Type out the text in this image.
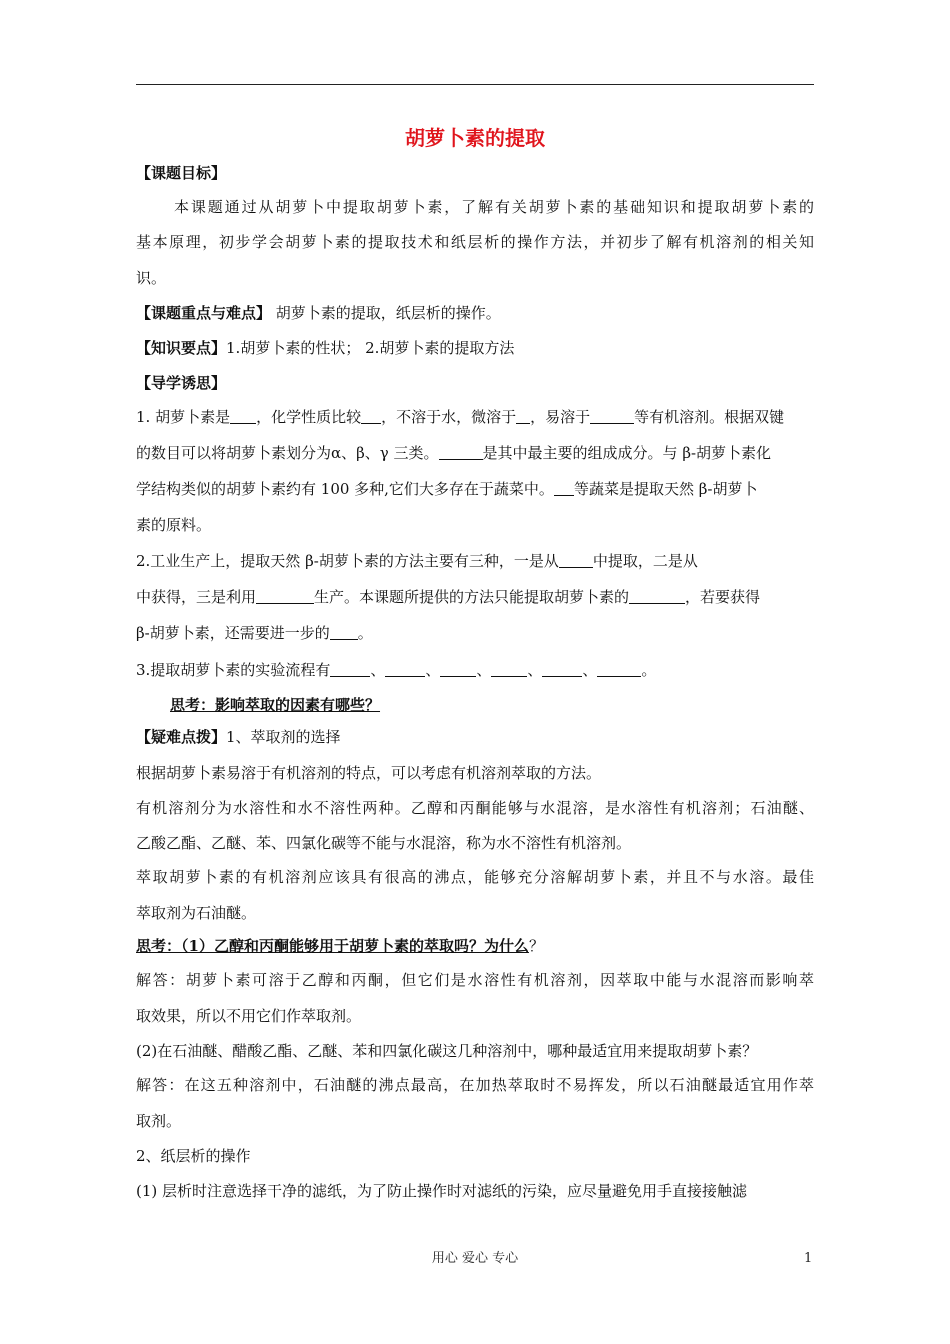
胡萝卜素的提取
【课题目标】
本课题通过从胡萝卜中提取胡萝卜素，了解有关胡萝卜素的基础知识和提取胡萝卜素的
基本原理，初步学会胡萝卜素的提取技术和纸层析的操作方法，并初步了解有机溶剂的相关知
识。
【课题重点与难点】 胡萝卜素的提取，纸层析的操作。
【知识要点】1.胡萝卜素的性状； 2.胡萝卜素的提取方法
【导学诱思】
1. 胡萝卜素是 ，化学性质比较 ，不溶于水，微溶于 ，易溶于	等有机溶剂。根据双键
的数目可以将胡萝卜素划分为α、β、γ 三类。	是其中最主要的组成成分。与 β-胡萝卜素化
学结构类似的胡萝卜素约有 100 多种,它们大多存在于蔬菜中。 等蔬菜是提取天然 β-胡萝卜
素的原料。
2.工业生产上，提取天然 β-胡萝卜素的方法主要有三种，一是从 中提取，二是从
中获得，三是利用	生产。本课题所提供的方法只能提取胡萝卜素的	，若要获得
β-胡萝卜素，还需要进一步的 。
3.提取胡萝卜素的实验流程有	、	、 、 、	、	。
思考：影响萃取的因素有哪些？
【疑难点拨】1、萃取剂的选择
根据胡萝卜素易溶于有机溶剂的特点，可以考虑有机溶剂萃取的方法。
有机溶剂分为水溶性和水不溶性两种。乙醇和丙酮能够与水混溶，是水溶性有机溶剂；石油醚、
乙酸乙酯、乙醚、苯、四氯化碳等不能与水混溶，称为水不溶性有机溶剂。
萃取胡萝卜素的有机溶剂应该具有很高的沸点，能够充分溶解胡萝卜素，并且不与水溶。最佳
萃取剂为石油醚。
思考：（1）乙醇和丙酮能够用于胡萝卜素的萃取吗？为什么？
解答：胡萝卜素可溶于乙醇和丙酮，但它们是水溶性有机溶剂，因萃取中能与水混溶而影响萃
取效果，所以不用它们作萃取剂。
(2)在石油醚、醋酸乙酯、乙醚、苯和四氯化碳这几种溶剂中，哪种最适宜用来提取胡萝卜素？
解答：在这五种溶剂中，石油醚的沸点最高，在加热萃取时不易挥发，所以石油醚最适宜用作萃
取剂。
2、纸层析的操作
(1) 层析时注意选择干净的滤纸，为了防止操作时对滤纸的污染，应尽量避免用手直接接触滤
用心 爱心 专心	1
